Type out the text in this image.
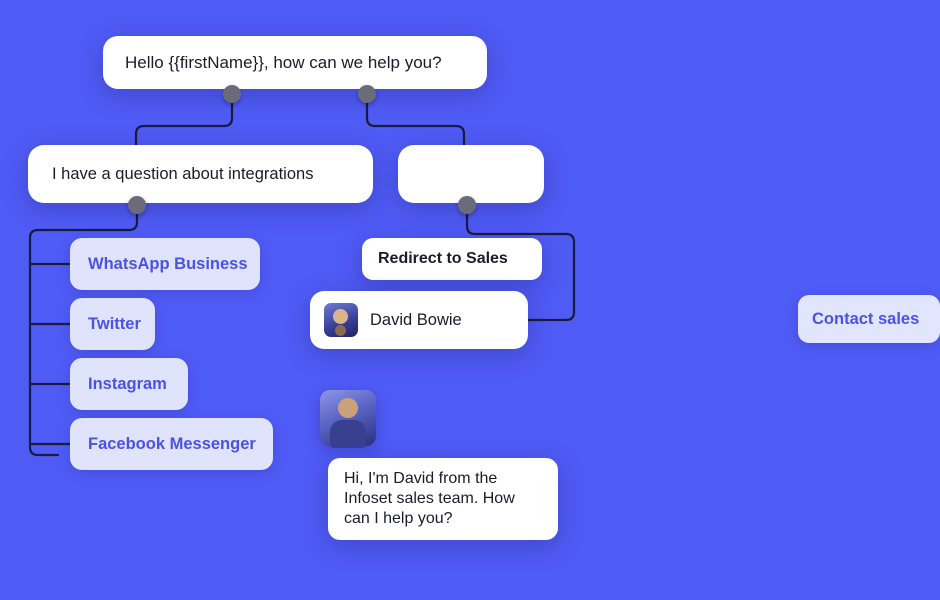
Hello {{firstName}}, how can we help you?
I have a question about integrations
Contact sales
WhatsApp Business
Twitter
Instagram
Facebook Messenger
Redirect to Sales
David Bowie
Hi, I'm David from the Infoset sales team. How can I help you?
